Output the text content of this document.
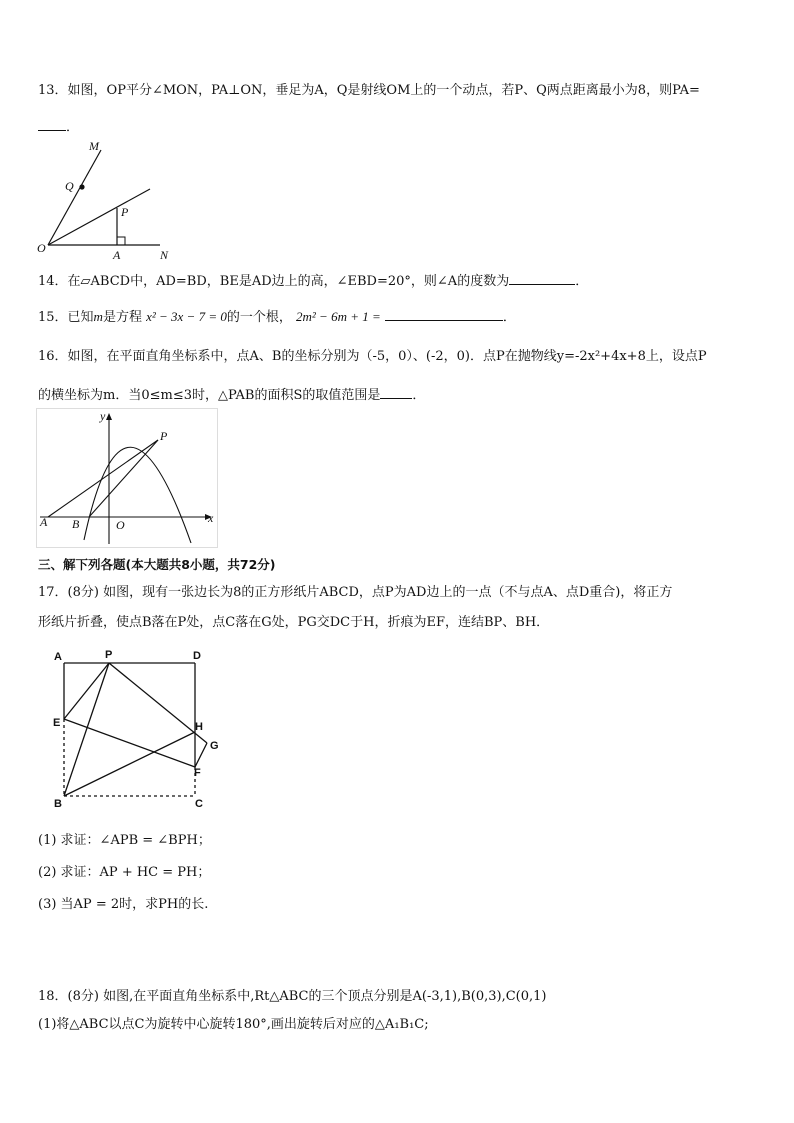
13．如图，OP平分∠MON，PA⊥ON，垂足为A，Q是射线OM上的一个动点，若P、Q两点距离最小为8，则PA=
．
M
Q
P
O	A	N
14．在▱ABCD中，AD=BD，BE是AD边上的高，∠EBD=20°，则∠A的度数为	．
15．已知m是方程 x² − 3x − 7 = 0的一个根， 2m² − 6m + 1 =	．
16．如图，在平面直角坐标系中，点A、B的坐标分别为（-5，0）、(-2，0)．点P在抛物线y=-2x²+4x+8上，设点P
的横坐标为m．当0≤m≤3时，△PAB的面积S的取值范围是 ．
y
P
x
A B	O
三、解下列各题(本大题共8小题，共72分)
17．(8分) 如图，现有一张边长为8的正方形纸片ABCD，点P为AD边上的一点（不与点A、点D重合)，将正方
形纸片折叠，使点B落在P处，点C落在G处，PG交DC于H，折痕为EF，连结BP、BH．
A	P	D
E	H
G
F
B	C
(1) 求证：∠APB = ∠BPH；
(2) 求证：AP + HC = PH；
(3) 当AP = 2时，求PH的长.
18．(8分) 如图,在平面直角坐标系中,Rt△ABC的三个顶点分别是A(-3,1),B(0,3),C(0,1)
(1)将△ABC以点C为旋转中心旋转180°,画出旋转后对应的△A₁B₁C;
